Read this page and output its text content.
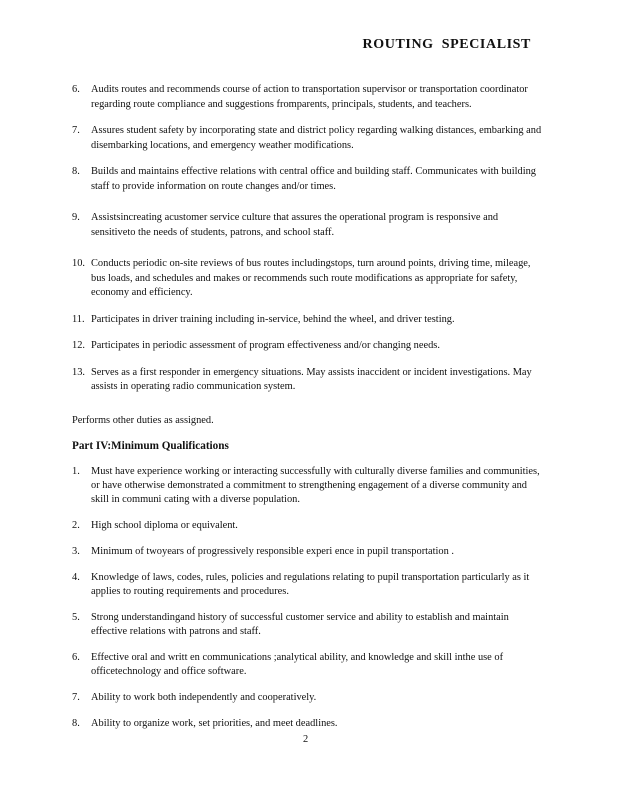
ROUTING SPECIALIST
6. Audits routes and recommends course of action to transportation supervisor or transportation coordinator regarding route compliance and suggestions fromparents, principals, students, and teachers.
7. Assures student safety by incorporating state and district policy regarding walking distances, embarking and disembarking locations, and emergency weather modifications.
8. Builds and maintains effective relations with central office and building staff. Communicates with building staff to provide information on route changes and/or times.
9. Assistsincreating acustomer service culture that assures the operational program is responsive and sensitiveto the needs of students, patrons, and school staff.
10. Conducts periodic on-site reviews of bus routes includingstops, turn around points, driving time, mileage, bus loads, and schedules and makes or recommends such route modifications as appropriate for safety, economy and efficiency.
11. Participates in driver training including in-service, behind the wheel, and driver testing.
12. Participates in periodic assessment of program effectiveness and/or changing needs.
13. Serves as a first responder in emergency situations. May assists inaccident or incident investigations. May assists in operating radio communication system.
Performs other duties as assigned.
Part IV:Minimum Qualifications
1. Must have experience working or interacting successfully with culturally diverse families and communities, or have otherwise demonstrated a commitment to strengthening engagement of a diverse community and skill in communi cating with a diverse population.
2. High school diploma or equivalent.
3. Minimum of twoyears of progressively responsible experi ence in pupil transportation .
4. Knowledge of laws, codes, rules, policies and regulations relating to pupil transportation particularly as it applies to routing requirements and procedures.
5. Strong understandingand history of successful customer service and ability to establish and maintain effective relations with patrons and staff.
6. Effective oral and writt en communications ;analytical ability, and knowledge and skill inthe use of officetechnology and office software.
7. Ability to work both independently and cooperatively.
8. Ability to organize work, set priorities, and meet deadlines.
2
